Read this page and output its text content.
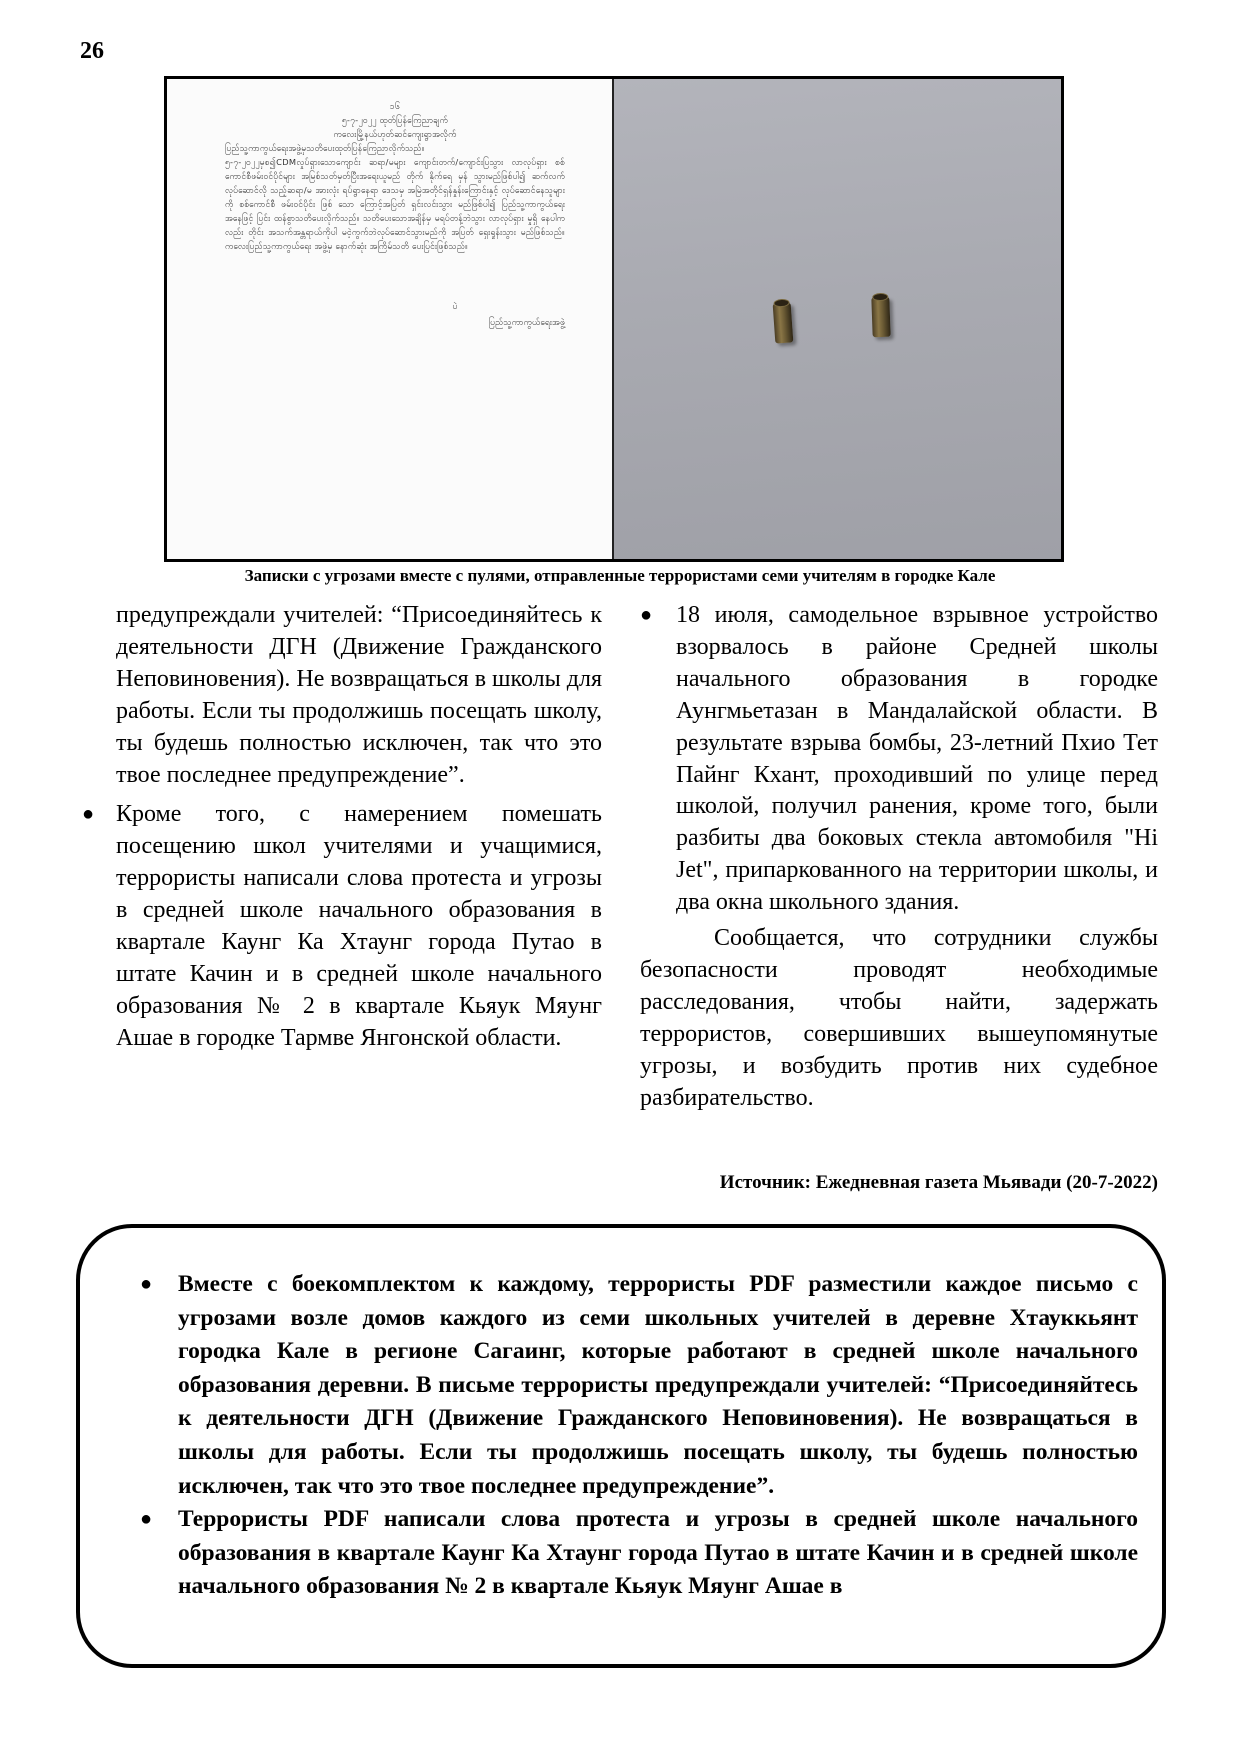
26
၁၆
၅-၇-၂၀၂၂ ထုတ်ပြန်ကြေညာချက်
ကလေးမြို့နယ်ဟုတ်ဆင်ကျေးရွာအလိုက်
ပြည်သူ့ကာကွယ်ရေးအဖွဲ့မှသတိပေးထုတ်ပြန်ကြေညာလိုက်သည်။
၅-၇-၂၀၂၂မှစ၍CDMလှုပ်ရှားသောကျောင်း ဆရာ/မများ ကျောင်းတက်/ကျောင်းပြသွား လာလုပ်ရှား စစ်ကောင်စီဖမ်းဝင်ပိုင်များ အမြစ်သတ်မှတ်ပြီးအရေးယူမည် တိုက် နိုက်ရေ မှန် သွားမည်ဖြစ်ပါ၍ ဆက်လက်လုပ်ဆောင်လို သည့်ဆရာ/မ အားလုံး ရပ်ရွာနေရာ ဒေသမှ အမြဲအတိုင်ရှန်နှုန်းကြောင်းနှင့် လုပ်ဆောင်နေသူများကို စစ်ကောင်စီ ဖမ်းဝင်ပိုင်း ဖြစ် သော ကြောင့်အပြတ် ရှင်းလင်းသွား မည်ဖြစ်ပါ၍ ပြည်သူ့ကာကွယ်ရေး အနေဖြင့် ပြင်း ထန်စွာသတိပေးလိုက်သည်။ သတိပေးသောအချိန်မှ မရပ်တန့်ဘဲသွား လာလုပ်ရှား မှုရှိ နေပါကလည်း တိုင်း အသက်အန္တရာယ်ကိုပါ မငဲ့ကွက်ဘဲလုပ်ဆောင်သွားမည်ကို အပြတ် ရှေးရှုန်းသွား မည်ဖြစ်သည်။ ကလေးပြည်သူ့ကာကွယ်ရေး အဖွဲ့မှ နောက်ဆုံး အကြိမ်သတိ ပေးပြင်းဖြစ်သည်။
ပဲ
ပြည်သူ့ကာကွယ်ရေးအဖွဲ့
Записки с угрозами вместе с пулями, отправленные террористами семи учителям в городке Кале

предупреждали учителей: “Присоединяйтесь к деятельности ДГН (Движение Гражданского Неповиновения). Не возвращаться в школы для работы. Если ты продолжишь посещать школу, ты будешь полностью исключен, так что это твое последнее предупреждение”.

● Кроме того, с намерением помешать посещению школ учителями и учащимися, террористы написали слова протеста и угрозы в средней школе начального образования в квартале Каунг Ка Хтаунг города Путао в штате Качин и в средней школе начального образования № 2 в квартале Кьяук Мяунг Ашае в городке Тармве Янгонской области.
● 18 июля, самодельное взрывное устройство взорвалось в районе Средней школы начального образования в городке Аунгмьетазан в Мандалайской области. В результате взрыва бомбы, 23-летний Пхио Тет Пайнг Кхант, проходивший по улице перед школой, получил ранения, кроме того, были разбиты два боковых стекла автомобиля "Hi Jet", припаркованного на территории школы, и два окна школьного здания.

Сообщается, что сотрудники службы безопасности проводят необходимые расследования, чтобы найти, задержать террористов, совершивших вышеупомянутые угрозы, и возбудить против них судебное разбирательство.

Источник: Ежедневная газета Мьявади (20-7-2022)
● Вместе с боекомплектом к каждому, террористы PDF разместили каждое письмо с угрозами возле домов каждого из семи школьных учителей в деревне Хтауккьянт городка Кале в регионе Сагаинг, которые работают в средней школе начального образования деревни. В письме террористы предупреждали учителей: “Присоединяйтесь к деятельности ДГН (Движение Гражданского Неповиновения). Не возвращаться в школы для работы. Если ты продолжишь посещать школу, ты будешь полностью исключен, так что это твое последнее предупреждение”.
● Террористы PDF написали слова протеста и угрозы в средней школе начального образования в квартале Каунг Ка Хтаунг города Путао в штате Качин и в средней школе начального образования № 2 в квартале Кьяук Мяунг Ашае в
